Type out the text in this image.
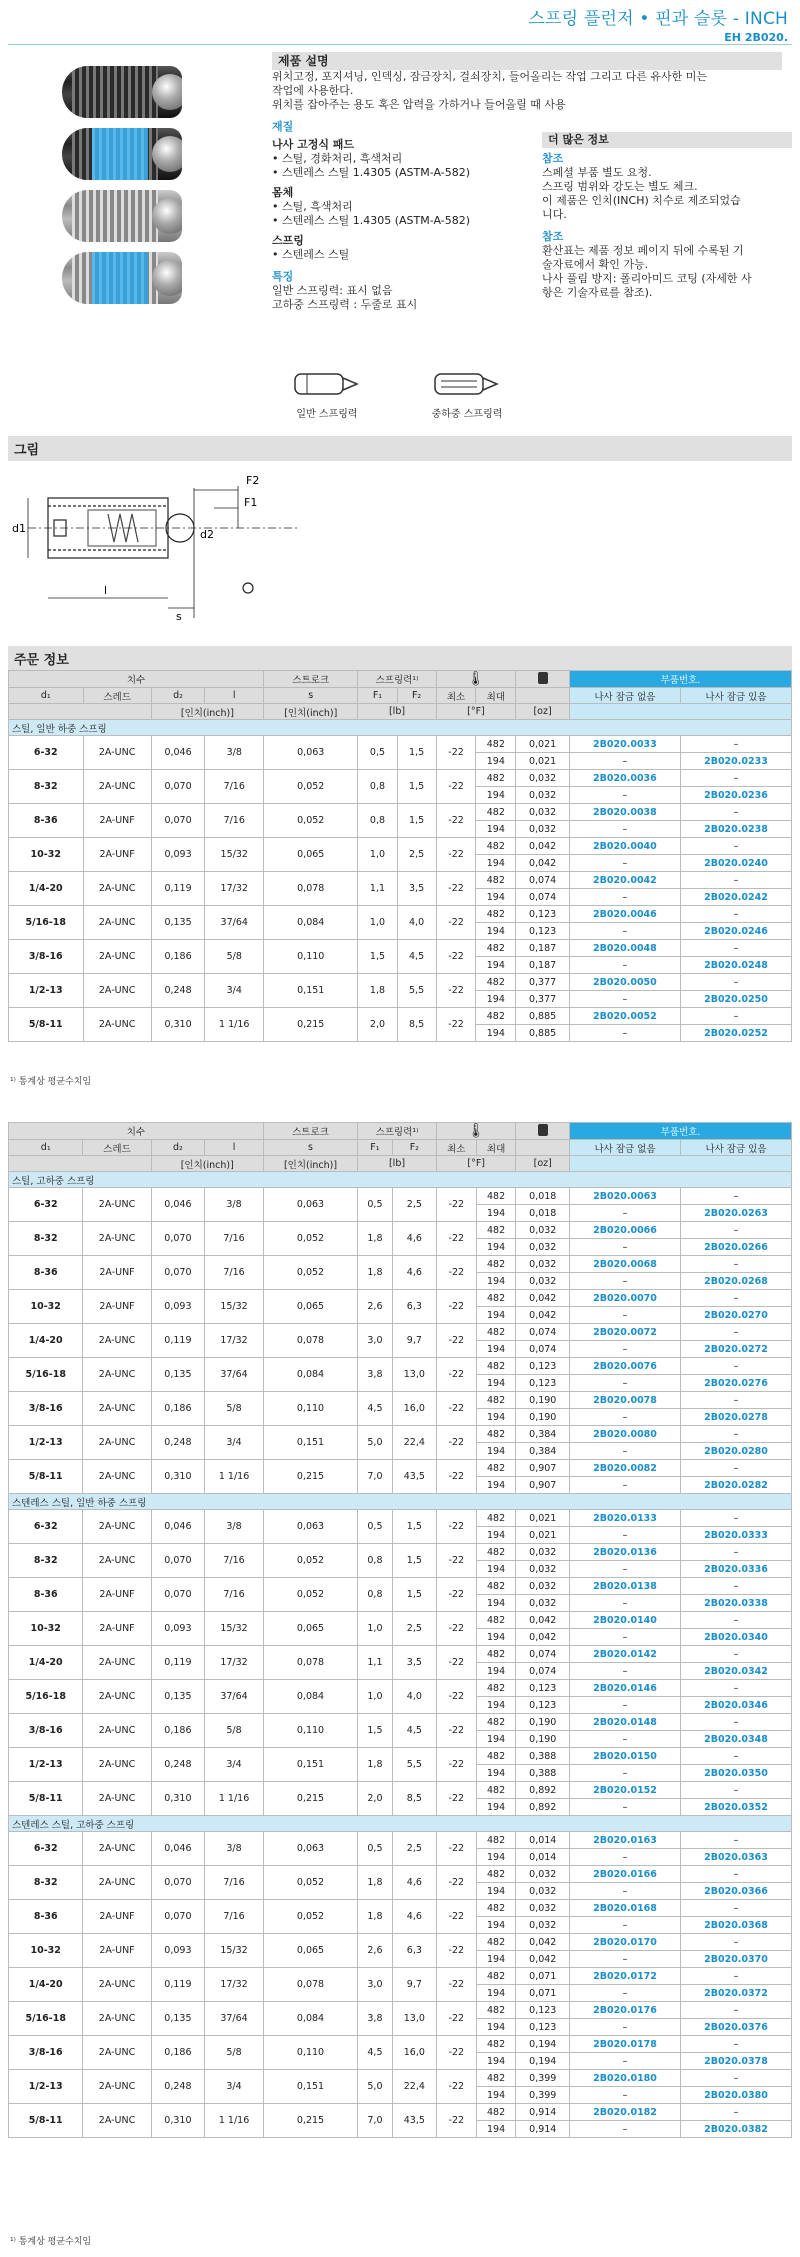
스프링 플런저 • 핀과 슬롯 - INCH
EH 2B020.
제품 설명
위치고정, 포지셔닝, 인덱싱, 잠금장치, 걸쇠장치, 들어올리는 작업 그리고 다른 유사한 미는
작업에 사용한다.
위치를 잡아주는 용도 혹은 압력을 가하거나 들어올릴 때 사용
재질
나사 고정식 패드
• 스틸, 경화처리, 흑색처리
• 스텐레스 스틸 1.4305 (ASTM-A-582)
몸체
• 스틸, 흑색처리
• 스텐레스 스틸 1.4305 (ASTM-A-582)
스프링
• 스텐레스 스틸
특징
일반 스프링력: 표시 없음
고하중 스프링력 : 두줄로 표시
더 많은 정보
참조
스페셜 부품 별도 요청.
스프링 범위와 강도는 별도 체크.
이 제품은 인치(INCH) 치수로 제조되었습
니다.
참조
환산표는 제품 정보 페이지 뒤에 수록된 기
술자료에서 확인 가능.
나사 풀림 방지: 폴리아미드 코팅 (자세한 사
항은 기술자료를 참조).
일반 스프링력	중하중 스프링력
그림
F2
F1
d1	d2
l
s
주문 정보
치수				스트로크	스프링력¹⁾		🌡			부품번호.	
d₁	스레드	d₂	l	s	F₁	F₂	최소	최대		나사 잠금 없음	나사 잠금 있음
		[인치(inch)]		[인치(inch)]	[lb]		[°F]		[oz]		
스틸, 일반 하중 스프링											
6-32	2A-UNC	0,046	3/8	0,063	0,5	1,5	-22	482	0,021	2B020.0033	–
								194	0,021	–	2B020.0233
8-32	2A-UNC	0,070	7/16	0,052	0,8	1,5	-22	482	0,032	2B020.0036	–
								194	0,032	–	2B020.0236
8-36	2A-UNF	0,070	7/16	0,052	0,8	1,5	-22	482	0,032	2B020.0038	–
								194	0,032	–	2B020.0238
10-32	2A-UNF	0,093	15/32	0,065	1,0	2,5	-22	482	0,042	2B020.0040	–
								194	0,042	–	2B020.0240
1/4-20	2A-UNC	0,119	17/32	0,078	1,1	3,5	-22	482	0,074	2B020.0042	–
								194	0,074	–	2B020.0242
5/16-18	2A-UNC	0,135	37/64	0,084	1,0	4,0	-22	482	0,123	2B020.0046	–
								194	0,123	–	2B020.0246
3/8-16	2A-UNC	0,186	5/8	0,110	1,5	4,5	-22	482	0,187	2B020.0048	–
								194	0,187	–	2B020.0248
1/2-13	2A-UNC	0,248	3/4	0,151	1,8	5,5	-22	482	0,377	2B020.0050	–
								194	0,377	–	2B020.0250
5/8-11	2A-UNC	0,310	1 1/16	0,215	2,0	8,5	-22	482	0,885	2B020.0052	–
								194	0,885	–	2B020.0252
¹⁾ 통계상 평균수치임
치수				스트로크	스프링력¹⁾		🌡			부품번호.	
d₁	스레드	d₂	l	s	F₁	F₂	최소	최대		나사 잠금 없음	나사 잠금 있음
		[인치(inch)]		[인치(inch)]	[lb]		[°F]		[oz]		
스틸, 고하중 스프링											
6-32	2A-UNC	0,046	3/8	0,063	0,5	2,5	-22	482	0,018	2B020.0063	–
								194	0,018	–	2B020.0263
8-32	2A-UNC	0,070	7/16	0,052	1,8	4,6	-22	482	0,032	2B020.0066	–
								194	0,032	–	2B020.0266
8-36	2A-UNF	0,070	7/16	0,052	1,8	4,6	-22	482	0,032	2B020.0068	–
								194	0,032	–	2B020.0268
10-32	2A-UNF	0,093	15/32	0,065	2,6	6,3	-22	482	0,042	2B020.0070	–
								194	0,042	–	2B020.0270
1/4-20	2A-UNC	0,119	17/32	0,078	3,0	9,7	-22	482	0,074	2B020.0072	–
								194	0,074	–	2B020.0272
5/16-18	2A-UNC	0,135	37/64	0,084	3,8	13,0	-22	482	0,123	2B020.0076	–
								194	0,123	–	2B020.0276
3/8-16	2A-UNC	0,186	5/8	0,110	4,5	16,0	-22	482	0,190	2B020.0078	–
								194	0,190	–	2B020.0278
1/2-13	2A-UNC	0,248	3/4	0,151	5,0	22,4	-22	482	0,384	2B020.0080	–
								194	0,384	–	2B020.0280
5/8-11	2A-UNC	0,310	1 1/16	0,215	7,0	43,5	-22	482	0,907	2B020.0082	–
								194	0,907	–	2B020.0282
스텐레스 스틸, 일반 하중 스프링											
6-32	2A-UNC	0,046	3/8	0,063	0,5	1,5	-22	482	0,021	2B020.0133	–
								194	0,021	–	2B020.0333
8-32	2A-UNC	0,070	7/16	0,052	0,8	1,5	-22	482	0,032	2B020.0136	–
								194	0,032	–	2B020.0336
8-36	2A-UNF	0,070	7/16	0,052	0,8	1,5	-22	482	0,032	2B020.0138	–
								194	0,032	–	2B020.0338
10-32	2A-UNF	0,093	15/32	0,065	1,0	2,5	-22	482	0,042	2B020.0140	–
								194	0,042	–	2B020.0340
1/4-20	2A-UNC	0,119	17/32	0,078	1,1	3,5	-22	482	0,074	2B020.0142	–
								194	0,074	–	2B020.0342
5/16-18	2A-UNC	0,135	37/64	0,084	1,0	4,0	-22	482	0,123	2B020.0146	–
								194	0,123	–	2B020.0346
3/8-16	2A-UNC	0,186	5/8	0,110	1,5	4,5	-22	482	0,190	2B020.0148	–
								194	0,190	–	2B020.0348
1/2-13	2A-UNC	0,248	3/4	0,151	1,8	5,5	-22	482	0,388	2B020.0150	–
								194	0,388	–	2B020.0350
5/8-11	2A-UNC	0,310	1 1/16	0,215	2,0	8,5	-22	482	0,892	2B020.0152	–
								194	0,892	–	2B020.0352
스텐레스 스틸, 고하중 스프링											
6-32	2A-UNC	0,046	3/8	0,063	0,5	2,5	-22	482	0,014	2B020.0163	–
								194	0,014	–	2B020.0363
8-32	2A-UNC	0,070	7/16	0,052	1,8	4,6	-22	482	0,032	2B020.0166	–
								194	0,032	–	2B020.0366
8-36	2A-UNF	0,070	7/16	0,052	1,8	4,6	-22	482	0,032	2B020.0168	–
								194	0,032	–	2B020.0368
10-32	2A-UNF	0,093	15/32	0,065	2,6	6,3	-22	482	0,042	2B020.0170	–
								194	0,042	–	2B020.0370
1/4-20	2A-UNC	0,119	17/32	0,078	3,0	9,7	-22	482	0,071	2B020.0172	–
								194	0,071	–	2B020.0372
5/16-18	2A-UNC	0,135	37/64	0,084	3,8	13,0	-22	482	0,123	2B020.0176	–
								194	0,123	–	2B020.0376
3/8-16	2A-UNC	0,186	5/8	0,110	4,5	16,0	-22	482	0,194	2B020.0178	–
								194	0,194	–	2B020.0378
1/2-13	2A-UNC	0,248	3/4	0,151	5,0	22,4	-22	482	0,399	2B020.0180	–
								194	0,399	–	2B020.0380
5/8-11	2A-UNC	0,310	1 1/16	0,215	7,0	43,5	-22	482	0,914	2B020.0182	–
								194	0,914	–	2B020.0382
¹⁾ 통계상 평균수치임
